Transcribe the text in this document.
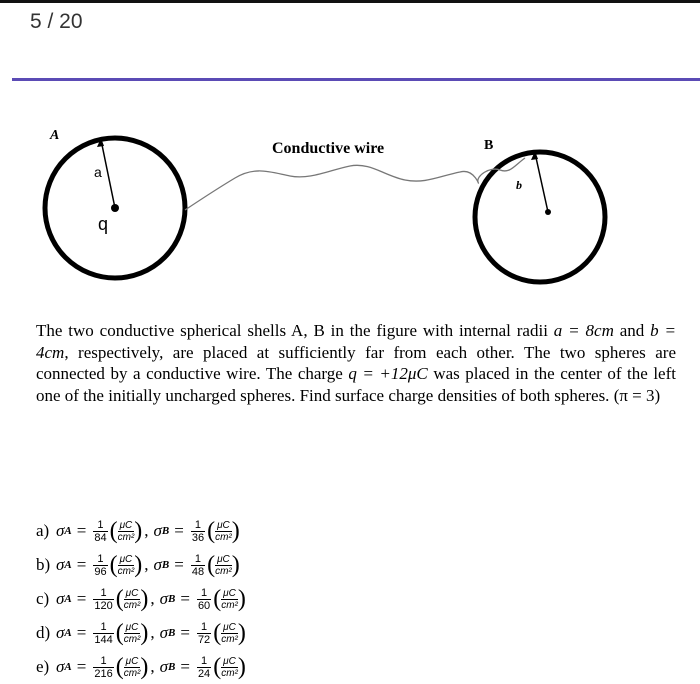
5 / 20
A
a
q
Conductive wire	B
b
The two conductive spherical shells A, B in the figure with internal radii a = 8cm and b = 4cm, respectively, are placed at sufficiently far from each other. The two spheres are connected by a conductive wire. The charge q = +12μC was placed in the center of the left one of the initially uncharged spheres. Find surface charge densities of both spheres. (π = 3)
a) σ $A = \frac{1}{84}$ ( $\frac{\mu C}{\text{cm²}}$ ) , σ $B = \frac{1}{36}$ ( $\frac{\mu C}{\text{cm²}}$ )
b) σ $A = \frac{1}{96}$ ( $\frac{\mu C}{\text{cm²}}$ ) , σ $B = \frac{1}{48}$ ( $\frac{\mu C}{\text{cm²}}$ )
c) σ $A = \frac{1}{120}$ ( $\frac{\mu C}{\text{cm²}}$ ) , σ $B = \frac{1}{60}$ ( $\frac{\mu C}{\text{cm²}}$ )
d) σ $A = \frac{1}{144}$ ( $\frac{\mu C}{\text{cm²}}$ ) , σ $B = \frac{1}{72}$ ( $\frac{\mu C}{\text{cm²}}$ )
e) σ $A = \frac{1}{216}$ ( $\frac{\mu C}{\text{cm²}}$ ) , σ $B = \frac{1}{24}$ ( $\frac{\mu C}{\text{cm²}}$ )
